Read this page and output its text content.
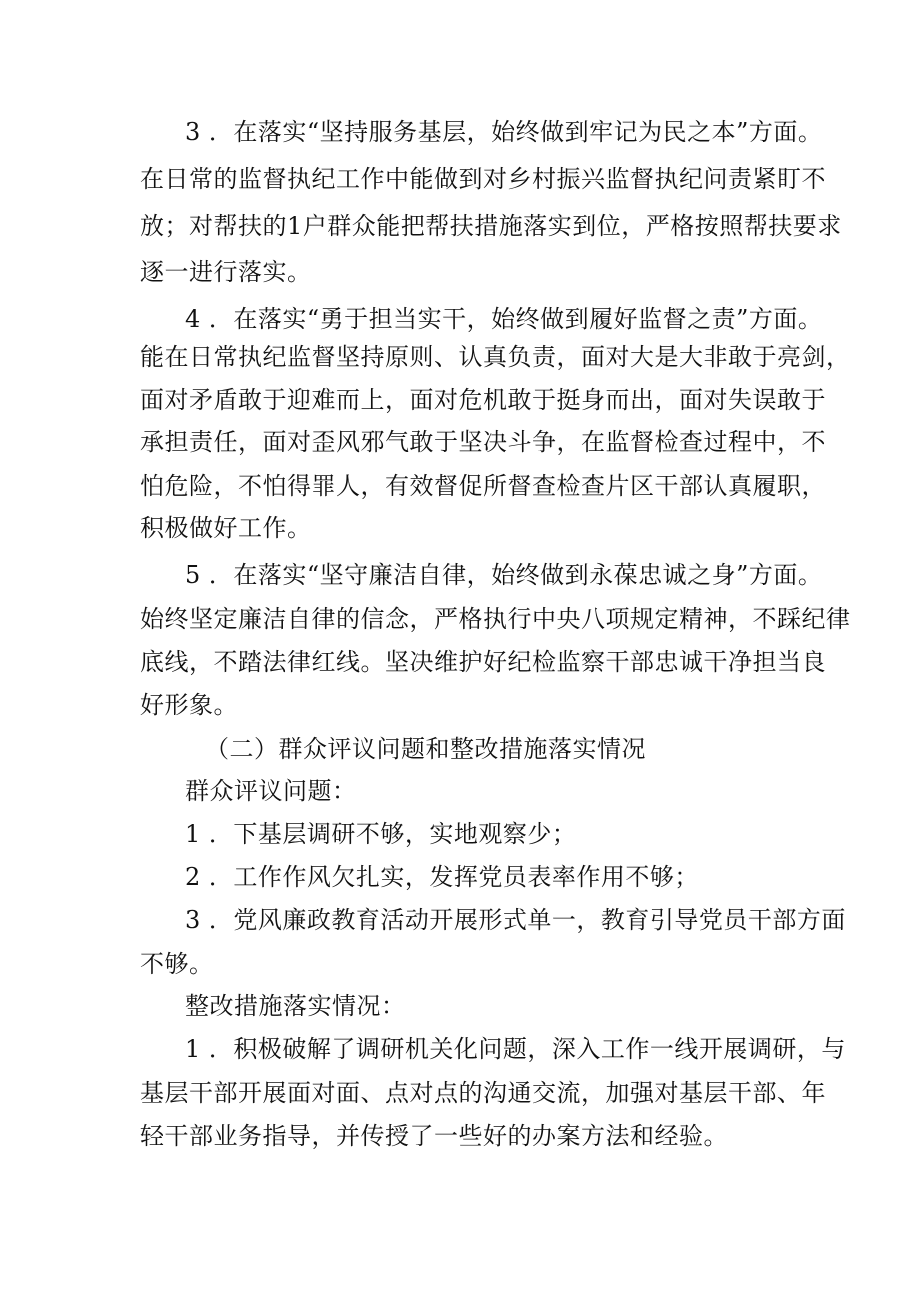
3 ．在落实“坚持服务基层，始终做到牢记为民之本”方面。
在日常的监督执纪工作中能做到对乡村振兴监督执纪问责紧盯不
放；对帮扶的1户群众能把帮扶措施落实到位，严格按照帮扶要求
逐一进行落实。
4 ．在落实“勇于担当实干，始终做到履好监督之责”方面。
能在日常执纪监督坚持原则、认真负责，面对大是大非敢于亮剑，
面对矛盾敢于迎难而上，面对危机敢于挺身而出，面对失误敢于
承担责任，面对歪风邪气敢于坚决斗争，在监督检查过程中，不
怕危险，不怕得罪人，有效督促所督查检查片区干部认真履职，
积极做好工作。
5 ．在落实“坚守廉洁自律，始终做到永葆忠诚之身”方面。
始终坚定廉洁自律的信念，严格执行中央八项规定精神，不踩纪律
底线，不踏法律红线。坚决维护好纪检监察干部忠诚干净担当良
好形象。
（二）群众评议问题和整改措施落实情况
群众评议问题：
1 ．下基层调研不够，实地观察少；
2 ．工作作风欠扎实，发挥党员表率作用不够；
3 ．党风廉政教育活动开展形式单一，教育引导党员干部方面
不够。
整改措施落实情况：
1 ．积极破解了调研机关化问题，深入工作一线开展调研，与
基层干部开展面对面、点对点的沟通交流，加强对基层干部、年
轻干部业务指导，并传授了一些好的办案方法和经验。
